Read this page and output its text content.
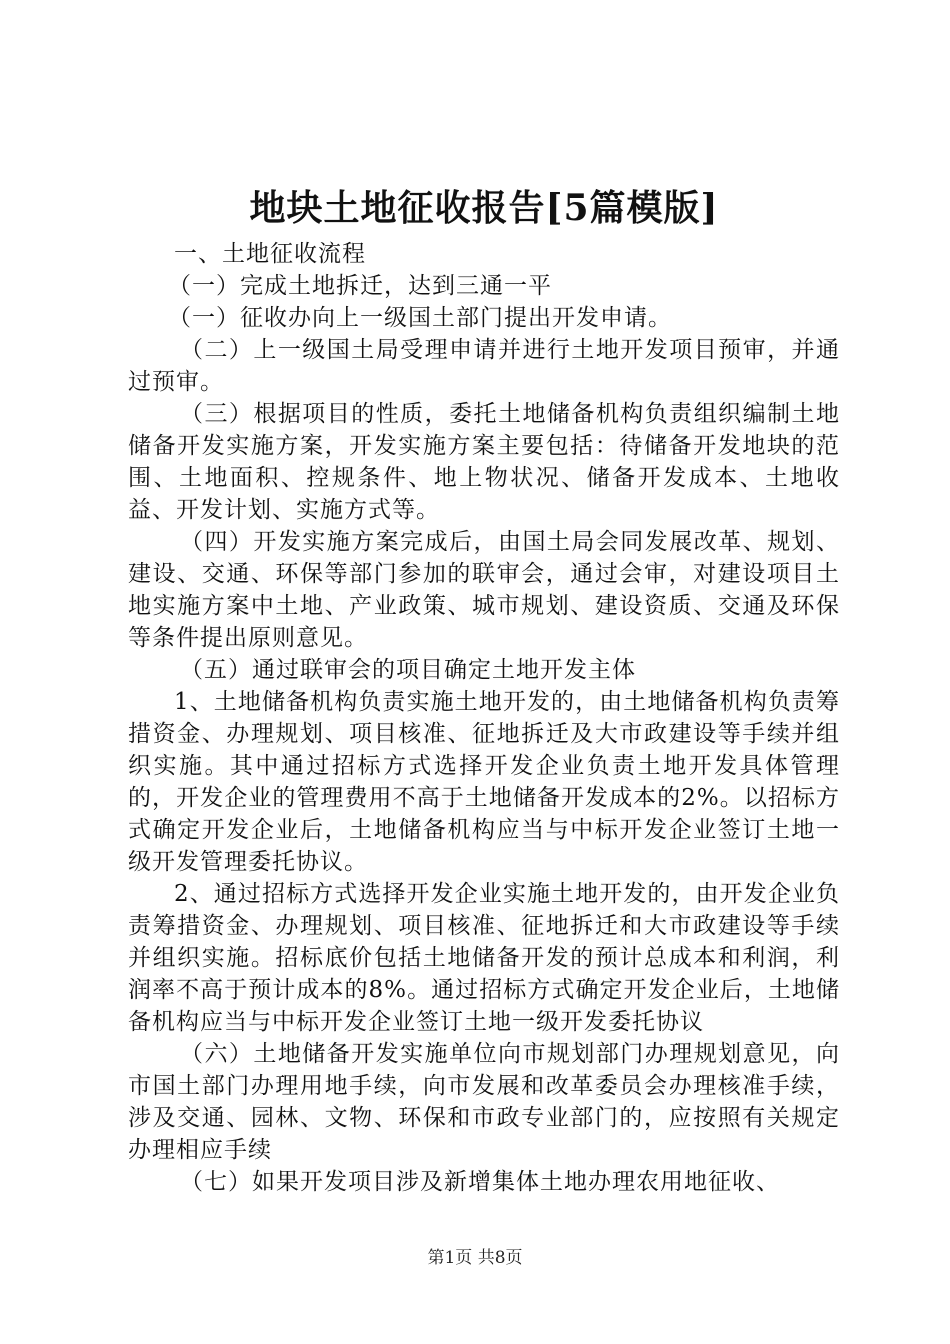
地块土地征收报告[5篇模版]

一、土地征收流程

（一）完成土地拆迁，达到三通一平

（一）征收办向上一级国土部门提出开发申请。

（二）上一级国土局受理申请并进行土地开发项目预审，并通过预审。

（三）根据项目的性质，委托土地储备机构负责组织编制土地储备开发实施方案，开发实施方案主要包括：待储备开发地块的范围、土地面积、控规条件、地上物状况、储备开发成本、土地收益、开发计划、实施方式等。

（四）开发实施方案完成后，由国土局会同发展改革、规划、建设、交通、环保等部门参加的联审会，通过会审，对建设项目土地实施方案中土地、产业政策、城市规划、建设资质、交通及环保等条件提出原则意见。

（五）通过联审会的项目确定土地开发主体

1、土地储备机构负责实施土地开发的，由土地储备机构负责筹措资金、办理规划、项目核准、征地拆迁及大市政建设等手续并组织实施。其中通过招标方式选择开发企业负责土地开发具体管理的，开发企业的管理费用不高于土地储备开发成本的2%。以招标方式确定开发企业后，土地储备机构应当与中标开发企业签订土地一级开发管理委托协议。

2、通过招标方式选择开发企业实施土地开发的，由开发企业负责筹措资金、办理规划、项目核准、征地拆迁和大市政建设等手续并组织实施。招标底价包括土地储备开发的预计总成本和利润，利润率不高于预计成本的8%。通过招标方式确定开发企业后，土地储备机构应当与中标开发企业签订土地一级开发委托协议

（六）土地储备开发实施单位向市规划部门办理规划意见，向市国土部门办理用地手续，向市发展和改革委员会办理核准手续，涉及交通、园林、文物、环保和市政专业部门的，应按照有关规定办理相应手续

（七）如果开发项目涉及新增集体土地办理农用地征收、

第1页 共8页
